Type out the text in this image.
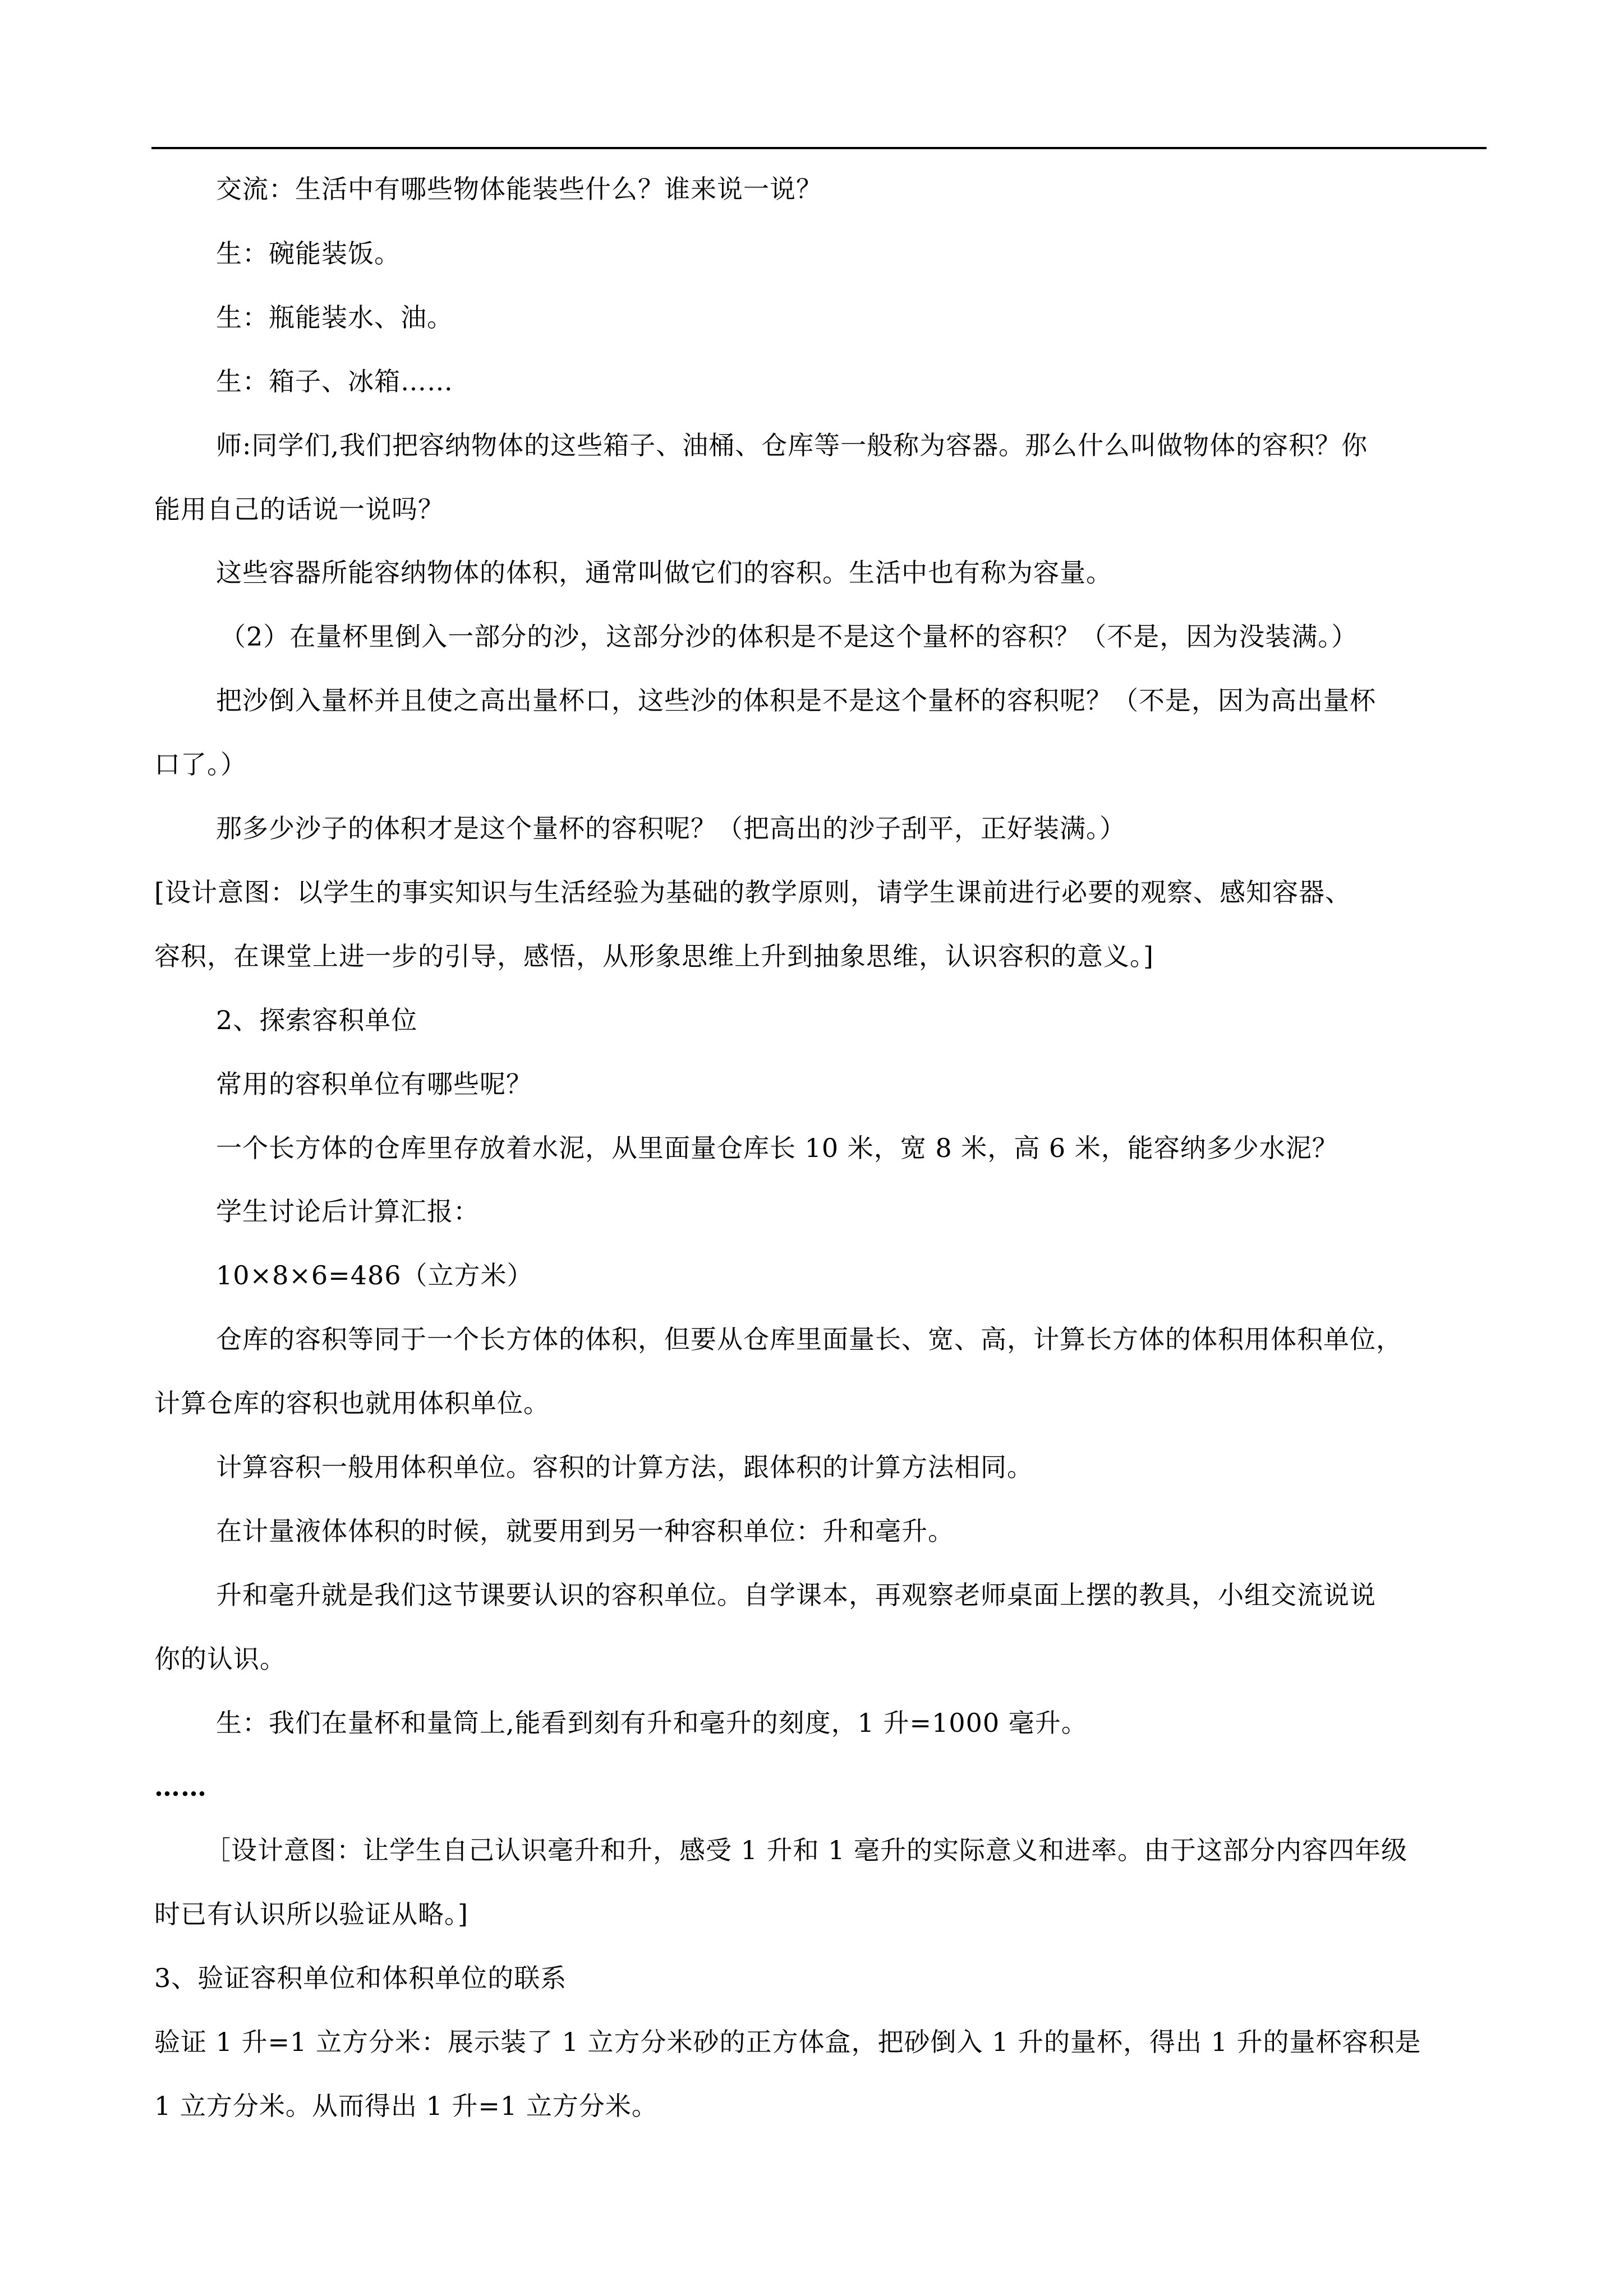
交流：生活中有哪些物体能装些什么？谁来说一说？
生：碗能装饭。
生：瓶能装水、油。
生：箱子、冰箱……
师:同学们,我们把容纳物体的这些箱子、油桶、仓库等一般称为容器。那么什么叫做物体的容积？你
能用自己的话说一说吗？
这些容器所能容纳物体的体积，通常叫做它们的容积。生活中也有称为容量。
（2）在量杯里倒入一部分的沙，这部分沙的体积是不是这个量杯的容积？（不是，因为没装满。）
把沙倒入量杯并且使之高出量杯口，这些沙的体积是不是这个量杯的容积呢？（不是，因为高出量杯
口了。）
那多少沙子的体积才是这个量杯的容积呢？（把高出的沙子刮平，正好装满。）
[设计意图：以学生的事实知识与生活经验为基础的教学原则，请学生课前进行必要的观察、感知容器、
容积，在课堂上进一步的引导，感悟，从形象思维上升到抽象思维，认识容积的意义。]
2、探索容积单位
常用的容积单位有哪些呢？
一个长方体的仓库里存放着水泥，从里面量仓库长 10 米，宽 8 米，高 6 米，能容纳多少水泥？
学生讨论后计算汇报：
10×8×6=486（立方米）
仓库的容积等同于一个长方体的体积，但要从仓库里面量长、宽、高，计算长方体的体积用体积单位，
计算仓库的容积也就用体积单位。
计算容积一般用体积单位。容积的计算方法，跟体积的计算方法相同。
在计量液体体积的时候，就要用到另一种容积单位：升和毫升。
升和毫升就是我们这节课要认识的容积单位。自学课本，再观察老师桌面上摆的教具，小组交流说说
你的认识。
生：我们在量杯和量筒上,能看到刻有升和毫升的刻度，1 升=1000 毫升。
……
［设计意图：让学生自己认识毫升和升，感受 1 升和 1 毫升的实际意义和进率。由于这部分内容四年级
时已有认识所以验证从略。]
3、验证容积单位和体积单位的联系
验证 1 升=1 立方分米：展示装了 1 立方分米砂的正方体盒，把砂倒入 1 升的量杯，得出 1 升的量杯容积是
1 立方分米。从而得出 1 升=1 立方分米。
